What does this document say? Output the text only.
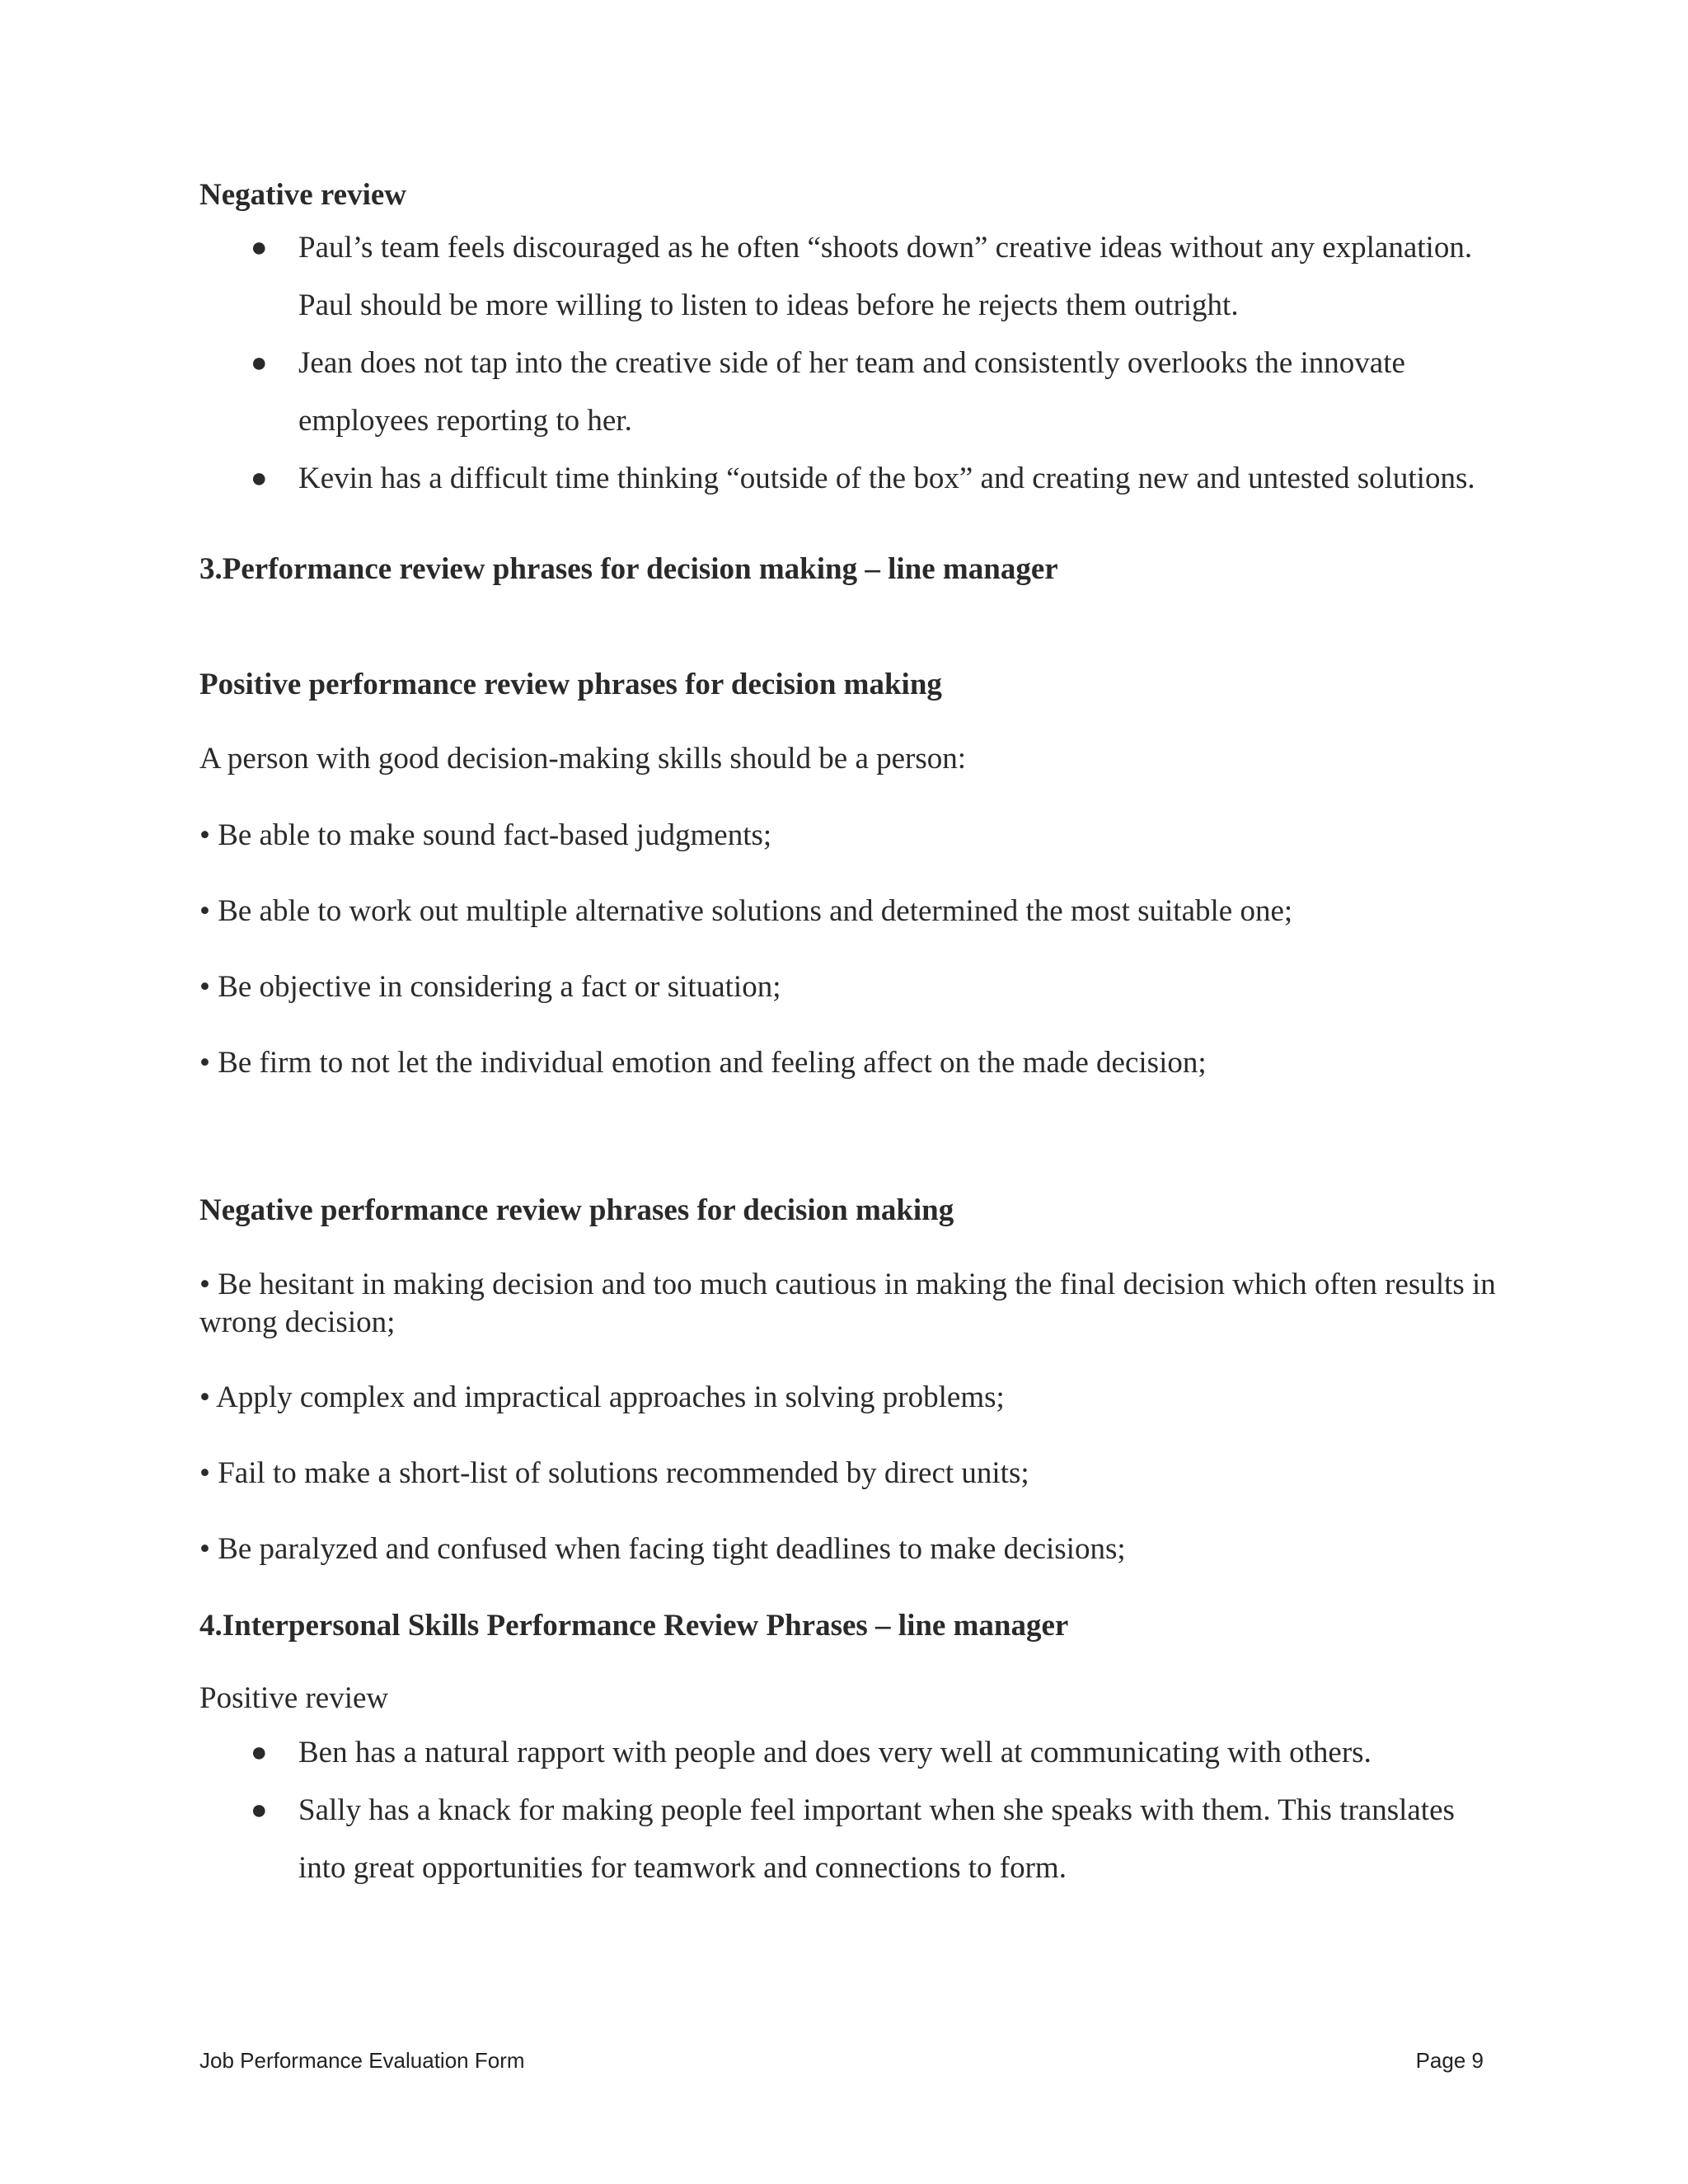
Negative review

● Paul’s team feels discouraged as he often “shoots down” creative ideas without any explanation. Paul should be more willing to listen to ideas before he rejects them outright.
● Jean does not tap into the creative side of her team and consistently overlooks the innovate employees reporting to her.
● Kevin has a difficult time thinking “outside of the box” and creating new and untested solutions.

3.Performance review phrases for decision making – line manager

Positive performance review phrases for decision making

A person with good decision-making skills should be a person:

• Be able to make sound fact-based judgments;

• Be able to work out multiple alternative solutions and determined the most suitable one;

• Be objective in considering a fact or situation;

• Be firm to not let the individual emotion and feeling affect on the made decision;

Negative performance review phrases for decision making

• Be hesitant in making decision and too much cautious in making the final decision which often results in wrong decision;

• Apply complex and impractical approaches in solving problems;

• Fail to make a short-list of solutions recommended by direct units;

• Be paralyzed and confused when facing tight deadlines to make decisions;

4.Interpersonal Skills Performance Review Phrases – line manager

Positive review

● Ben has a natural rapport with people and does very well at communicating with others.
● Sally has a knack for making people feel important when she speaks with them. This translates into great opportunities for teamwork and connections to form.
Job Performance Evaluation Form	Page 9
